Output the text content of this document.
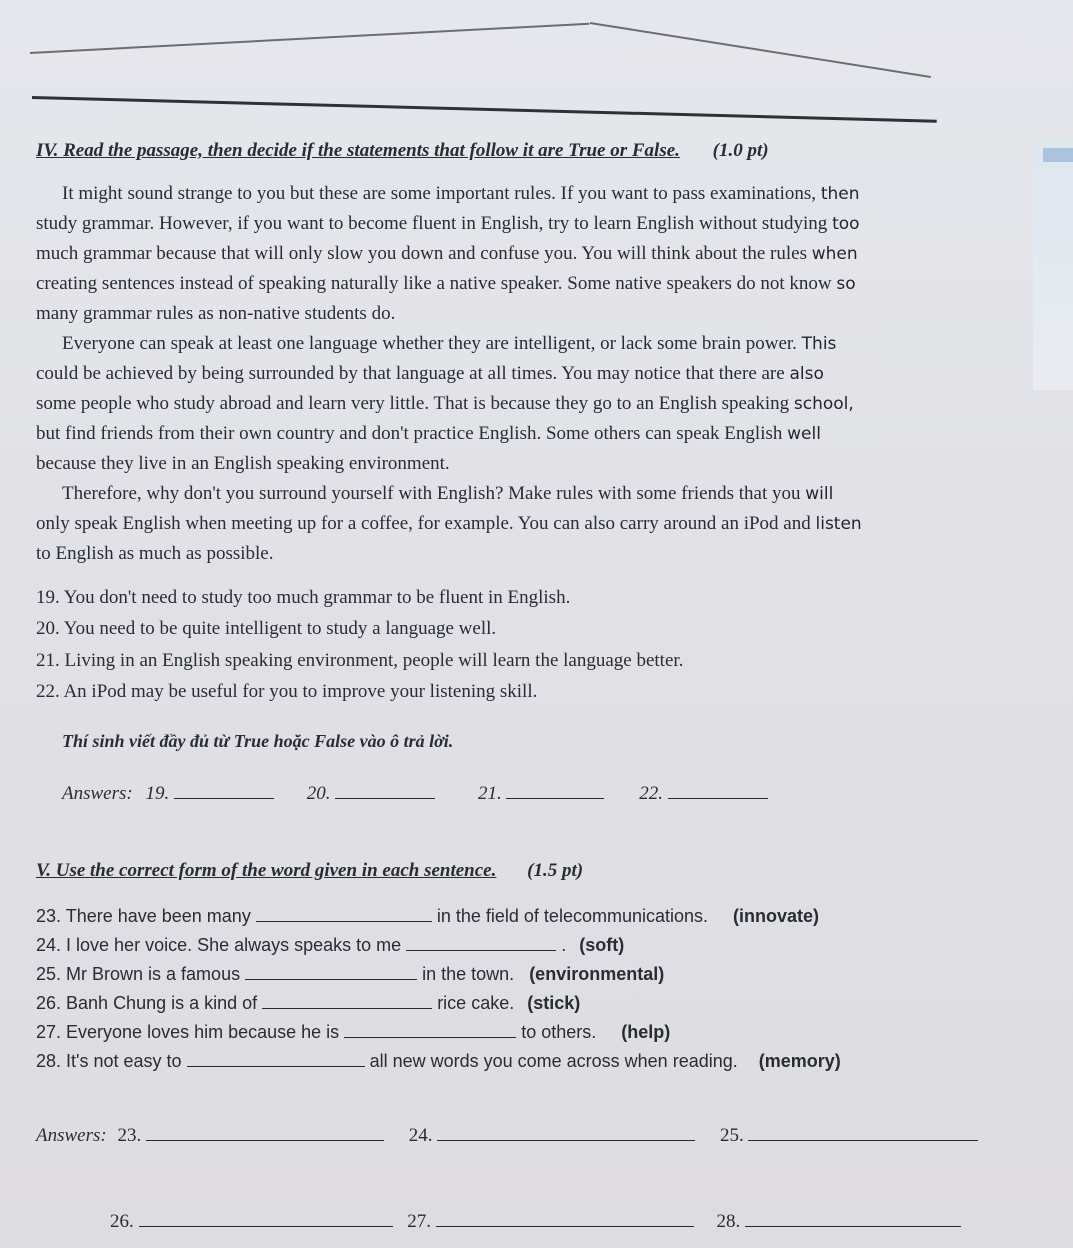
IV. Read the passage, then decide if the statements that follow it are True or False. (1.0 pt)
It might sound strange to you but these are some important rules. If you want to pass examinations, then
study grammar. However, if you want to become fluent in English, try to learn English without studying too
much grammar because that will only slow you down and confuse you. You will think about the rules when
creating sentences instead of speaking naturally like a native speaker. Some native speakers do not know so
many grammar rules as non-native students do.
Everyone can speak at least one language whether they are intelligent, or lack some brain power. This
could be achieved by being surrounded by that language at all times. You may notice that there are also
some people who study abroad and learn very little. That is because they go to an English speaking school,
but find friends from their own country and don't practice English. Some others can speak English well
because they live in an English speaking environment.
Therefore, why don't you surround yourself with English? Make rules with some friends that you will
only speak English when meeting up for a coffee, for example. You can also carry around an iPod and listen
to English as much as possible.
19. You don't need to study too much grammar to be fluent in English.
20. You need to be quite intelligent to study a language well.
21. Living in an English speaking environment, people will learn the language better.
22. An iPod may be useful for you to improve your listening skill.
Thí sinh viết đầy đủ từ True hoặc False vào ô trả lời.
Answers: 19.	20.	21.	22.
V. Use the correct form of the word given in each sentence. (1.5 pt)
23. There have been many	in the field of telecommunications. (innovate)
24. I love her voice. She always speaks to me	. (soft)
25. Mr Brown is a famous	in the town. (environmental)
26. Banh Chung is a kind of	rice cake. (stick)
27. Everyone loves him because he is	to others. (help)
28. It's not easy to	all new words you come across when reading. (memory)
Answers: 23.	24.	25.
26.	27.	28.
